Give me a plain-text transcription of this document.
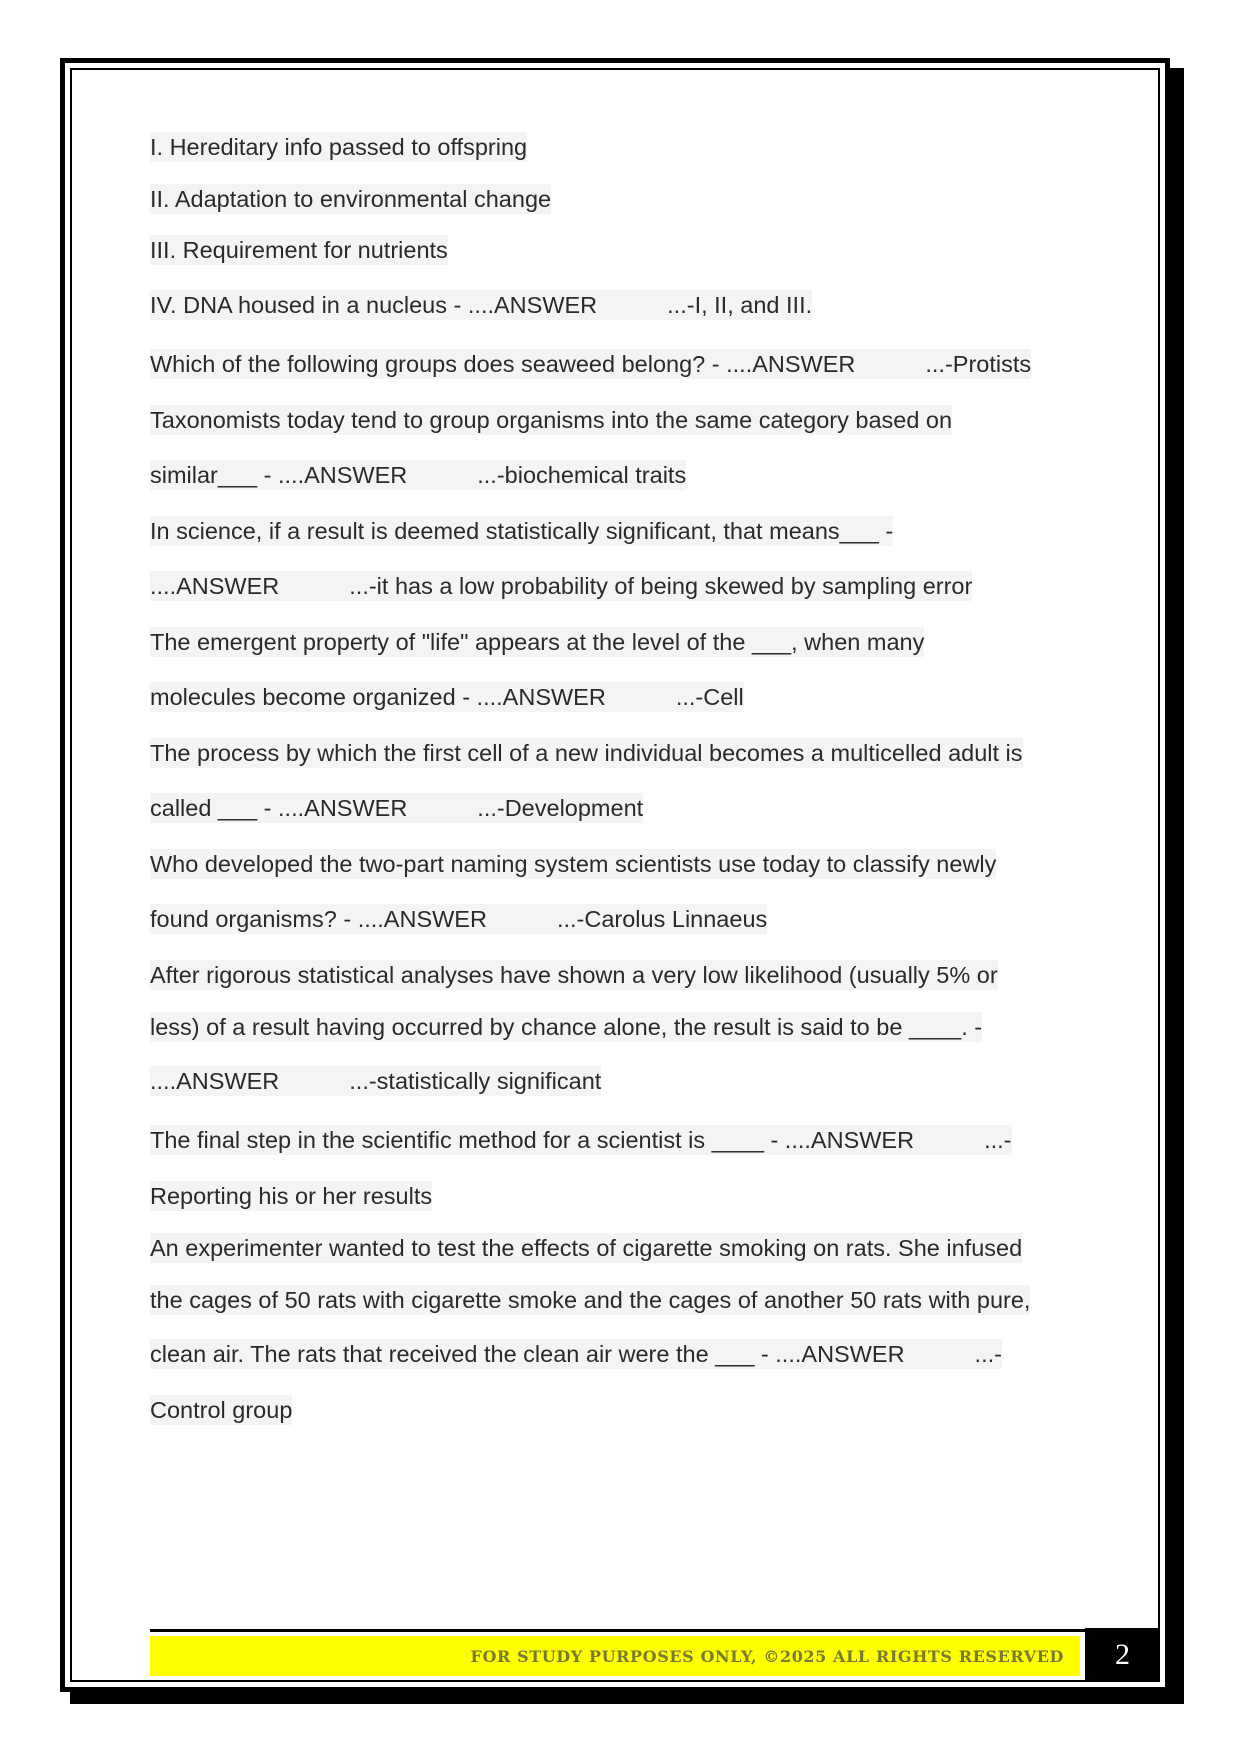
I. Hereditary info passed to offspring
II. Adaptation to environmental change
III. Requirement for nutrients
IV. DNA housed in a nucleus - ....ANSWER	...-I, II, and III.
Which of the following groups does seaweed belong? - ....ANSWER	...-Protists
Taxonomists today tend to group organisms into the same category based on
similar___ - ....ANSWER	...-biochemical traits
In science, if a result is deemed statistically significant, that means___ -
....ANSWER	...-it has a low probability of being skewed by sampling error
The emergent property of "life" appears at the level of the ___, when many
molecules become organized - ....ANSWER	...-Cell
The process by which the first cell of a new individual becomes a multicelled adult is
called ___ - ....ANSWER	...-Development
Who developed the two-part naming system scientists use today to classify newly
found organisms? - ....ANSWER	...-Carolus Linnaeus
After rigorous statistical analyses have shown a very low likelihood (usually 5% or
less) of a result having occurred by chance alone, the result is said to be ____. -
....ANSWER	...-statistically significant
The final step in the scientific method for a scientist is ____ - ....ANSWER	...-
Reporting his or her results
An experimenter wanted to test the effects of cigarette smoking on rats. She infused
the cages of 50 rats with cigarette smoke and the cages of another 50 rats with pure,
clean air. The rats that received the clean air were the ___ - ....ANSWER	...-
Control group
FOR STUDY PURPOSES ONLY, ©2025 ALL RIGHTS RESERVED	2
